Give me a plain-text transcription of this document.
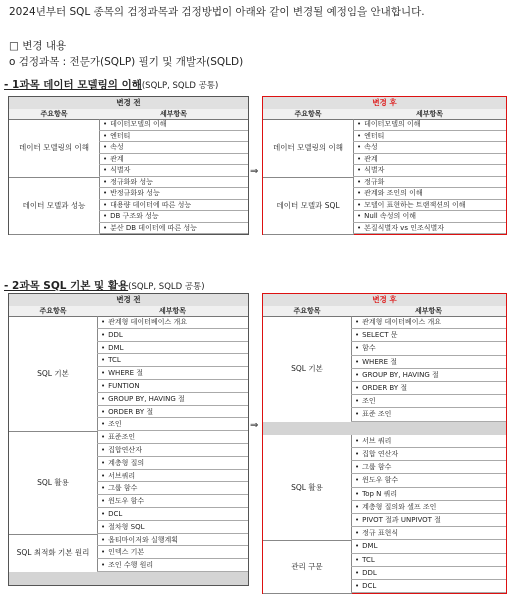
2024년부터 SQL 종목의 검정과목과 검정방법이 아래와 같이 변경될 예정임을 안내합니다.
□ 변경 내용
o 검정과목 : 전문가(SQLP) 필기 및 개발자(SQLD)
- 1과목 데이터 모델링의 이해(SQLP, SQLD 공통)
- 2과목 SQL 기본 및 활용(SQLP, SQLD 공통)
⇒
⇒
변경 전
주요항목	세부항목
데이터 모델링의 이해
• 데이터모델의 이해
• 엔터티
• 속성
• 관계
• 식별자
데이터 모델과 성능
• 정규화와 성능
• 반정규화와 성능
• 대용량 데이터에 따른 성능
• DB 구조와 성능
• 분산 DB 데이터에 따른 성능
변경 후
주요항목	세부항목
데이터 모델링의 이해
• 데이터모델의 이해
• 엔터티
• 속성
• 관계
• 식별자
데이터 모델과 SQL
• 정규화
• 관계와 조인의 이해
• 모델이 표현하는 트랜잭션의 이해
• Null 속성의 이해
• 본질식별자 vs 인조식별자
변경 전
주요항목	세부항목
SQL 기본
• 관계형 데이터베이스 개요
• DDL
• DML
• TCL
• WHERE 절
• FUNTION
• GROUP BY, HAVING 절
• ORDER BY 절
• 조인
SQL 활용
• 표준조인
• 집합연산자
• 계층형 질의
• 서브쿼리
• 그룹 함수
• 윈도우 함수
• DCL
• 절차형 SQL
SQL 최적화 기본 원리
• 옵티마이저와 실행계획
• 인덱스 기본
• 조인 수행 원리
변경 후
주요항목	세부항목
SQL 기본
• 관계형 데이터베이스 개요
• SELECT 문
• 함수
• WHERE 절
• GROUP BY, HAVING 절
• ORDER BY 절
• 조인
• 표준 조인
SQL 활용
• 서브 쿼리
• 집합 연산자
• 그룹 함수
• 윈도우 함수
• Top N 쿼리
• 계층형 질의와 셀프 조인
• PIVOT 절과 UNPIVOT 절
• 정규 표현식
관리 구문
• DML
• TCL
• DDL
• DCL
